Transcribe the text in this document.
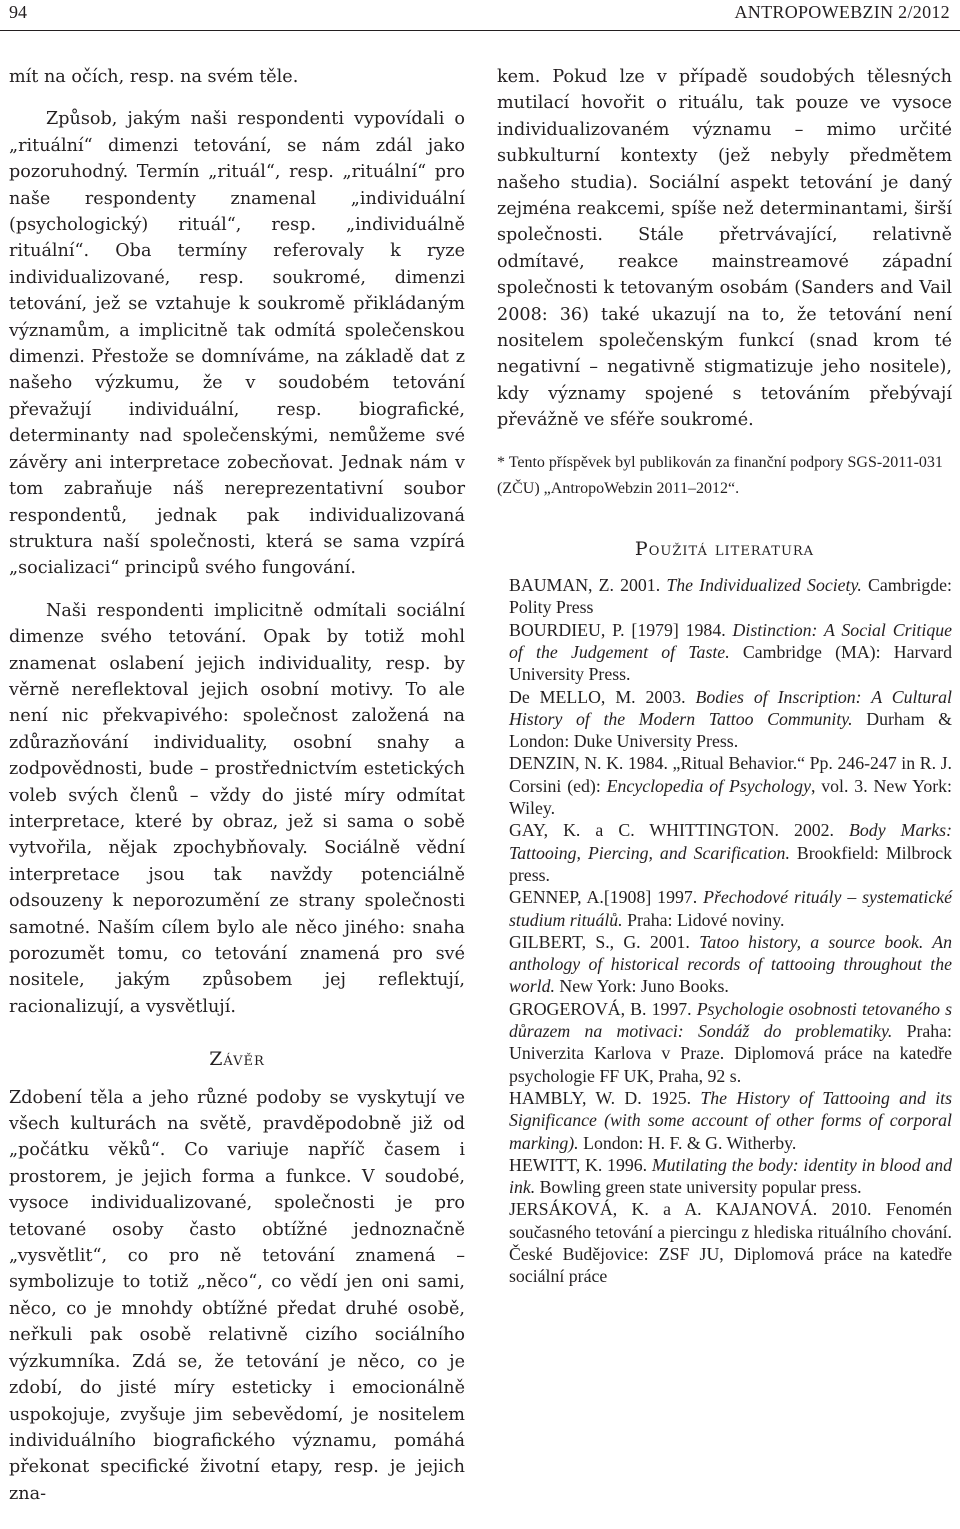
94	ANTROPOWEBZIN 2/2012

mít na očích, resp. na svém těle.

Způsob, jakým naši respondenti vypovídali o „rituální“ dimenzi tetování, se nám zdál jako pozoruhodný. Termín „rituál“, resp. „rituální“ pro naše respondenty znamenal „individuální (psychologický) rituál“, resp. „individuálně rituální“. Oba termíny referovaly k ryze individualizované, resp. soukromé, dimenzi tetování, jež se vztahuje k soukromě přikládaným významům, a implicitně tak odmítá společenskou dimenzi. Přestože se domníváme, na základě dat z našeho výzkumu, že v soudobém tetování převažují individuální, resp. biografické, determinanty nad společenskými, nemůžeme své závěry ani interpretace zobecňovat. Jednak nám v tom zabraňuje náš nereprezentativní soubor respondentů, jednak pak individualizovaná struktura naší společnosti, která se sama vzpírá „socializaci“ principů svého fungování.

Naši respondenti implicitně odmítali sociální dimenze svého tetování. Opak by totiž mohl znamenat oslabení jejich individuality, resp. by věrně nereflektoval jejich osobní motivy. To ale není nic překvapivého: společnost založená na zdůrazňování individuality, osobní snahy a zodpovědnosti, bude – prostřednictvím estetických voleb svých členů – vždy do jisté míry odmítat interpretace, které by obraz, jež si sama o sobě vytvořila, nějak zpochybňovaly. Sociálně vědní interpretace jsou tak navždy potenciálně odsouzeny k neporozumění ze strany společnosti samotné. Naším cílem bylo ale něco jiného: snaha porozumět tomu, co tetování znamená pro své nositele, jakým způsobem jej reflektují, racionalizují, a vysvětlují.

Závěr

Zdobení těla a jeho různé podoby se vyskytují ve všech kulturách na světě, pravděpodobně již od „počátku věků“. Co variuje napříč časem i prostorem, je jejich forma a funkce. V soudobé, vysoce individualizované, společnosti je pro tetované osoby často obtížné jednoznačně „vysvětlit“, co pro ně tetování znamená – symbolizuje to totiž „něco“, co vědí jen oni sami, něco, co je mnohdy obtížné předat druhé osobě, neřkuli pak osobě relativně cizího sociálního výzkumníka. Zdá se, že tetování je něco, co je zdobí, do jisté míry esteticky i emocionálně uspokojuje, zvyšuje jim sebevědomí, je nositelem individuálního biografického významu, pomáhá překonat specifické životní etapy, resp. je jejich zna-

kem. Pokud lze v případě soudobých tělesných mutilací hovořit o rituálu, tak pouze ve vysoce individualizovaném významu – mimo určité subkulturní kontexty (jež nebyly předmětem našeho studia). Sociální aspekt tetování je daný zejména reakcemi, spíše než determinantami, širší společnosti. Stále přetrvávající, relativně odmítavé, reakce mainstreamové západní společnosti k tetovaným osobám (Sanders and Vail 2008: 36) také ukazují na to, že tetování není nositelem společenským funkcí (snad krom té negativní – negativně stigmatizuje jeho nositele), kdy významy spojené s tetováním přebývají převážně ve sféře soukromé.

* Tento příspěvek byl publikován za finanční podpory SGS-2011-031 (ZČU) „AntropoWebzin 2011–2012“.

Použitá literatura

BAUMAN, Z. 2001. The Individualized Society. Cambrigde: Polity Press

BOURDIEU, P. [1979] 1984. Distinction: A Social Critique of the Judgement of Taste. Cambridge (MA): Harvard University Press.

De MELLO, M. 2003. Bodies of Inscription: A Cultural History of the Modern Tattoo Community. Durham & London: Duke University Press.

DENZIN, N. K. 1984. „Ritual Behavior.“ Pp. 246-247 in R. J. Corsini (ed): Encyclopedia of Psychology, vol. 3. New York: Wiley.

GAY, K. a C. WHITTINGTON. 2002. Body Marks: Tattooing, Piercing, and Scarification. Brookfield: Milbrock press.

GENNEP, A.[1908] 1997. Přechodové rituály – systematické studium rituálů. Praha: Lidové noviny.

GILBERT, S., G. 2001. Tatoo history, a source book. An anthology of historical records of tattooing throughout the world. New York: Juno Books.

GROGEROVÁ, B. 1997. Psychologie osobnosti tetovaného s důrazem na motivaci: Sondáž do problematiky. Praha: Univerzita Karlova v Praze. Diplomová práce na katedře psychologie FF UK, Praha, 92 s.

HAMBLY, W. D. 1925. The History of Tattooing and its Significance (with some account of other forms of corporal marking). London: H. F. & G. Witherby.

HEWITT, K. 1996. Mutilating the body: identity in blood and ink. Bowling green state university popular press.

JERSÁKOVÁ, K. a A. KAJANOVÁ. 2010. Fenomén současného tetování a piercingu z hlediska rituálního chování. České Budějovice: ZSF JU, Diplomová práce na katedře sociální práce
